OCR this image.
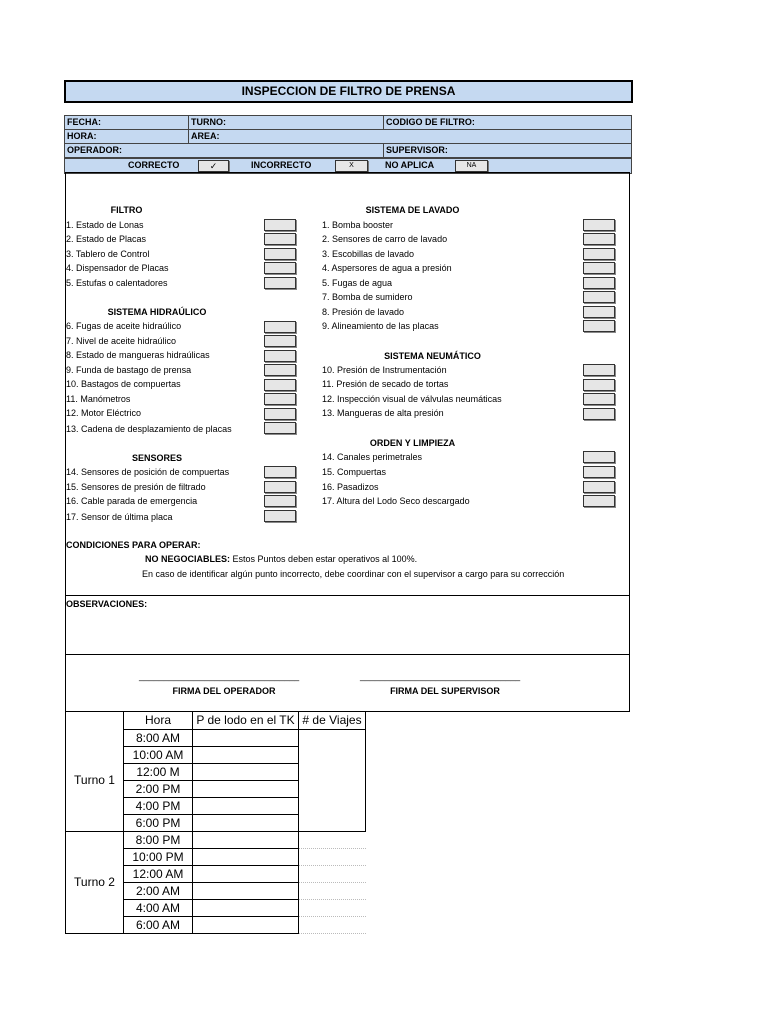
INSPECCION DE FILTRO DE PRENSA
FECHA:	TURNO:	CODIGO DE FILTRO:
HORA:	AREA:
OPERADOR:	SUPERVISOR:
CORRECTO	✓	INCORRECTO	X	NO APLICA	NA
FILTRO
SISTEMA HIDRAÚLICO
SENSORES
SISTEMA DE LAVADO
SISTEMA NEUMÁTICO
ORDEN Y LIMPIEZA
1. Estado de Lonas
2. Estado de Placas
3. Tablero de Control
4. Dispensador de Placas
5. Estufas o calentadores
6. Fugas de aceite hidraúlico
7. Nivel de aceite hidraúlico
8. Estado de mangueras hidraúlicas
9. Funda de bastago de prensa
10. Bastagos de compuertas
11. Manómetros
12. Motor Eléctrico
13. Cadena de desplazamiento de placas
14. Sensores de posición de compuertas
15. Sensores de presión de filtrado
16. Cable parada de emergencia
17. Sensor de última placa
1. Bomba booster
2. Sensores de carro de lavado
3. Escobillas de lavado
4. Aspersores de agua a presión
5. Fugas de agua
7. Bomba de sumidero
8. Presión de lavado
9. Alineamiento de las placas
10. Presión de Instrumentación
11. Presión de secado de tortas
12. Inspección visual de válvulas neumáticas
13. Mangueras de alta presión
14. Canales perimetrales
15. Compuertas
16. Pasadizos
17. Altura del Lodo Seco descargado
CONDICIONES PARA OPERAR:
NO NEGOCIABLES: Estos Puntos deben estar operativos al 100%.
En caso de identificar algún punto incorrecto, debe coordinar con el supervisor a cargo para su corrección
OBSERVACIONES:
________________________________	________________________________
FIRMA DEL OPERADOR	FIRMA DEL SUPERVISOR
	Hora	P de lodo en el TK	# de Viajes
Turno 1	8:00 AM		
	10:00 AM		
	12:00 M		
	2:00 PM		
	4:00 PM		
	6:00 PM		
Turno 2	8:00 PM		
	10:00 PM		
	12:00 AM		
	2:00 AM		
	4:00 AM		
	6:00 AM		
